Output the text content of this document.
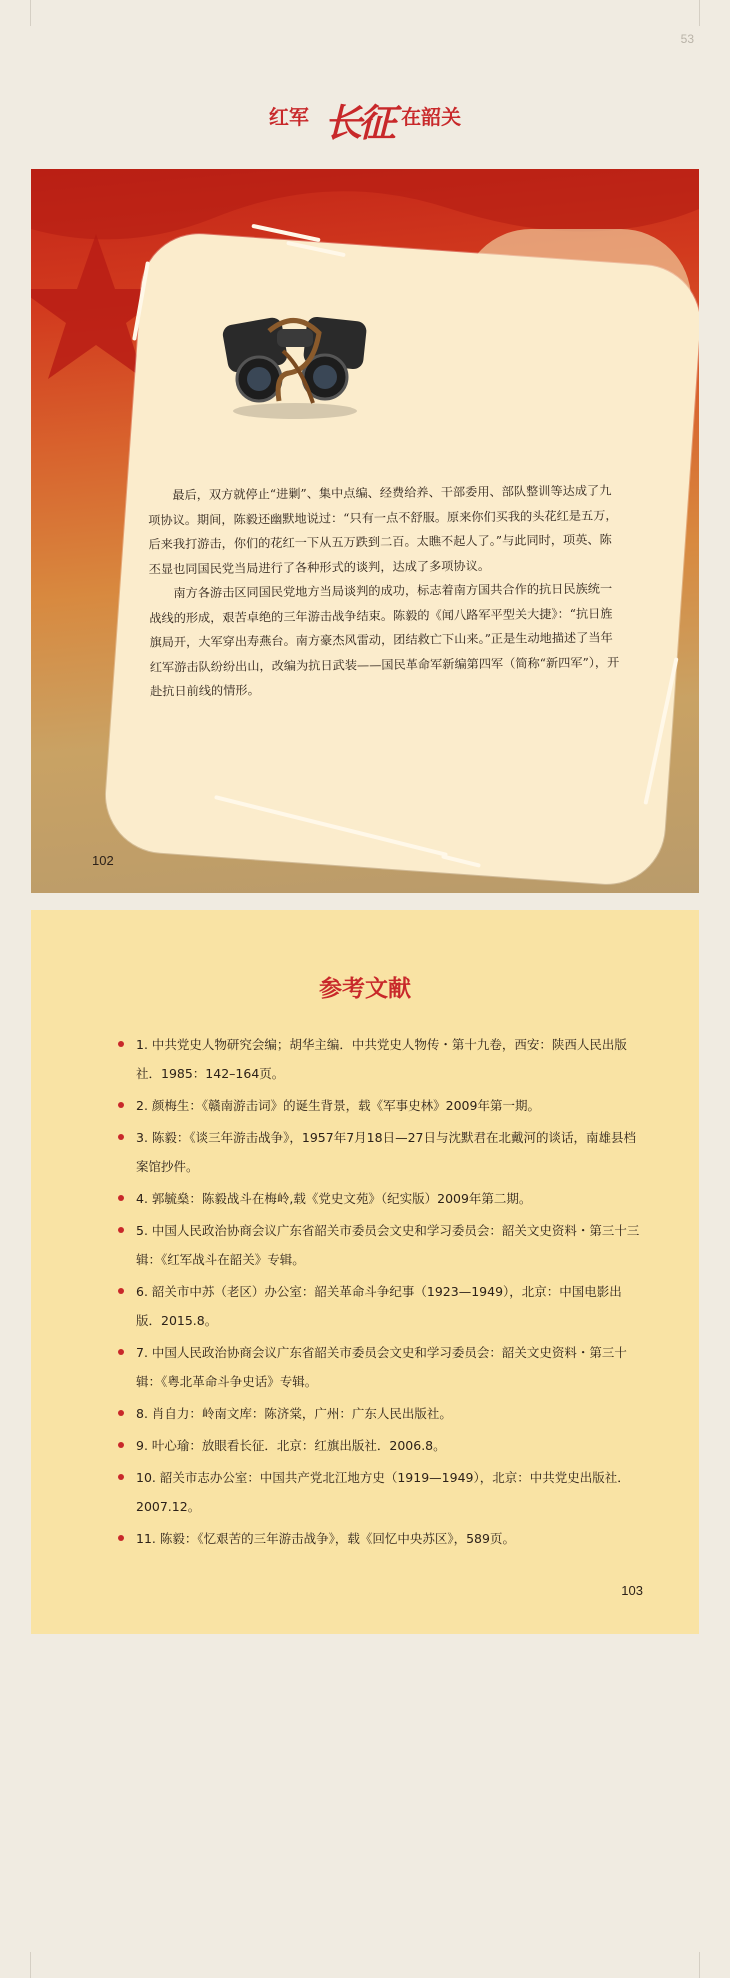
53
红军 长征 在韶关

最后，双方就停止“进剿”、集中点编、经费给养、干部委用、部队整训等达成了九项协议。期间，陈毅还幽默地说过：“只有一点不舒服。原来你们买我的头花红是五万，后来我打游击，你们的花红一下从五万跌到二百。太瞧不起人了。”与此同时，项英、陈丕显也同国民党当局进行了各种形式的谈判，达成了多项协议。

南方各游击区同国民党地方当局谈判的成功，标志着南方国共合作的抗日民族统一战线的形成，艰苦卓绝的三年游击战争结束。陈毅的《闻八路军平型关大捷》：“抗日旌旗局开，大军穿出寿燕台。南方豪杰风雷动，团结救亡下山来。”正是生动地描述了当年红军游击队纷纷出山，改编为抗日武装——国民革命军新编第四军（简称“新四军”），开赴抗日前线的情形。

102
参考文献
1. 中共党史人物研究会编；胡华主编．中共党史人物传・第十九卷，西安：陕西人民出版社．1985：142–164页。
2. 颜梅生：《赣南游击词》的诞生背景，载《军事史林》2009年第一期。
3. 陈毅：《谈三年游击战争》，1957年7月18日—27日与沈默君在北戴河的谈话，南雄县档案馆抄件。
4. 郭毓燊：陈毅战斗在梅岭,载《党史文苑》（纪实版）2009年第二期。
5. 中国人民政治协商会议广东省韶关市委员会文史和学习委员会：韶关文史资料・第三十三辑：《红军战斗在韶关》专辑。
6. 韶关市中苏（老区）办公室：韶关革命斗争纪事（1923—1949），北京：中国电影出版．2015.8。
7. 中国人民政治协商会议广东省韶关市委员会文史和学习委员会：韶关文史资料・第三十辑：《粤北革命斗争史话》专辑。
8. 肖自力：岭南文库：陈济棠，广州：广东人民出版社。
9. 叶心瑜：放眼看长征．北京：红旗出版社．2006.8。
10. 韶关市志办公室：中国共产党北江地方史（1919—1949），北京：中共党史出版社．2007.12。
11. 陈毅：《忆艰苦的三年游击战争》，载《回忆中央苏区》，589页。
103
